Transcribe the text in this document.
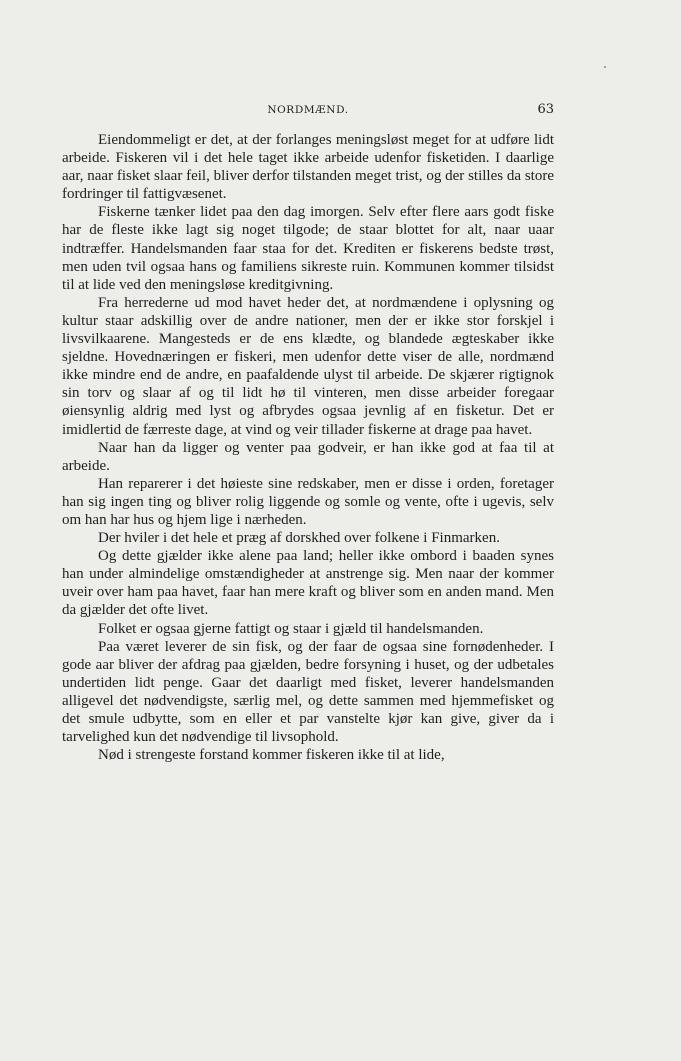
NORDMÆND.	63

Eiendommeligt er det, at der forlanges meningsløst meget for at udføre lidt arbeide. Fiskeren vil i det hele taget ikke arbeide udenfor fisketiden. I daarlige aar, naar fisket slaar feil, bliver derfor tilstanden meget trist, og der stilles da store fordringer til fattigvæsenet.

Fiskerne tænker lidet paa den dag imorgen. Selv efter flere aars godt fiske har de fleste ikke lagt sig noget tilgode; de staar blottet for alt, naar uaar indtræffer. Handelsmanden faar staa for det. Krediten er fiskerens bedste trøst, men uden tvil ogsaa hans og familiens sikreste ruin. Kommunen kommer tilsidst til at lide ved den meningsløse kreditgivning.

Fra herrederne ud mod havet heder det, at nordmændene i oplysning og kultur staar adskillig over de andre nationer, men der er ikke stor forskjel i livsvilkaarene. Mangesteds er de ens klædte, og blandede ægteskaber ikke sjeldne. Hovednæringen er fiskeri, men udenfor dette viser de alle, nordmænd ikke mindre end de andre, en paafaldende ulyst til arbeide. De skjærer rigtignok sin torv og slaar af og til lidt hø til vinteren, men disse arbeider foregaar øiensynlig aldrig med lyst og afbrydes ogsaa jevnlig af en fisketur. Det er imidlertid de færreste dage, at vind og veir tillader fiskerne at drage paa havet.

Naar han da ligger og venter paa godveir, er han ikke god at faa til at arbeide.

Han reparerer i det høieste sine redskaber, men er disse i orden, foretager han sig ingen ting og bliver rolig liggende og somle og vente, ofte i ugevis, selv om han har hus og hjem lige i nærheden.

Der hviler i det hele et præg af dorskhed over folkene i Finmarken.

Og dette gjælder ikke alene paa land; heller ikke ombord i baaden synes han under almindelige omstændigheder at anstrenge sig. Men naar der kommer uveir over ham paa havet, faar han mere kraft og bliver som en anden mand. Men da gjælder det ofte livet.

Folket er ogsaa gjerne fattigt og staar i gjæld til handelsmanden.

Paa været leverer de sin fisk, og der faar de ogsaa sine fornødenheder. I gode aar bliver der afdrag paa gjælden, bedre forsyning i huset, og der udbetales undertiden lidt penge. Gaar det daarligt med fisket, leverer handelsmanden alligevel det nødvendigste, særlig mel, og dette sammen med hjemmefisket og det smule udbytte, som en eller et par vanstelte kjør kan give, giver da i tarvelighed kun det nødvendige til livsophold.

Nød i strengeste forstand kommer fiskeren ikke til at lide,
